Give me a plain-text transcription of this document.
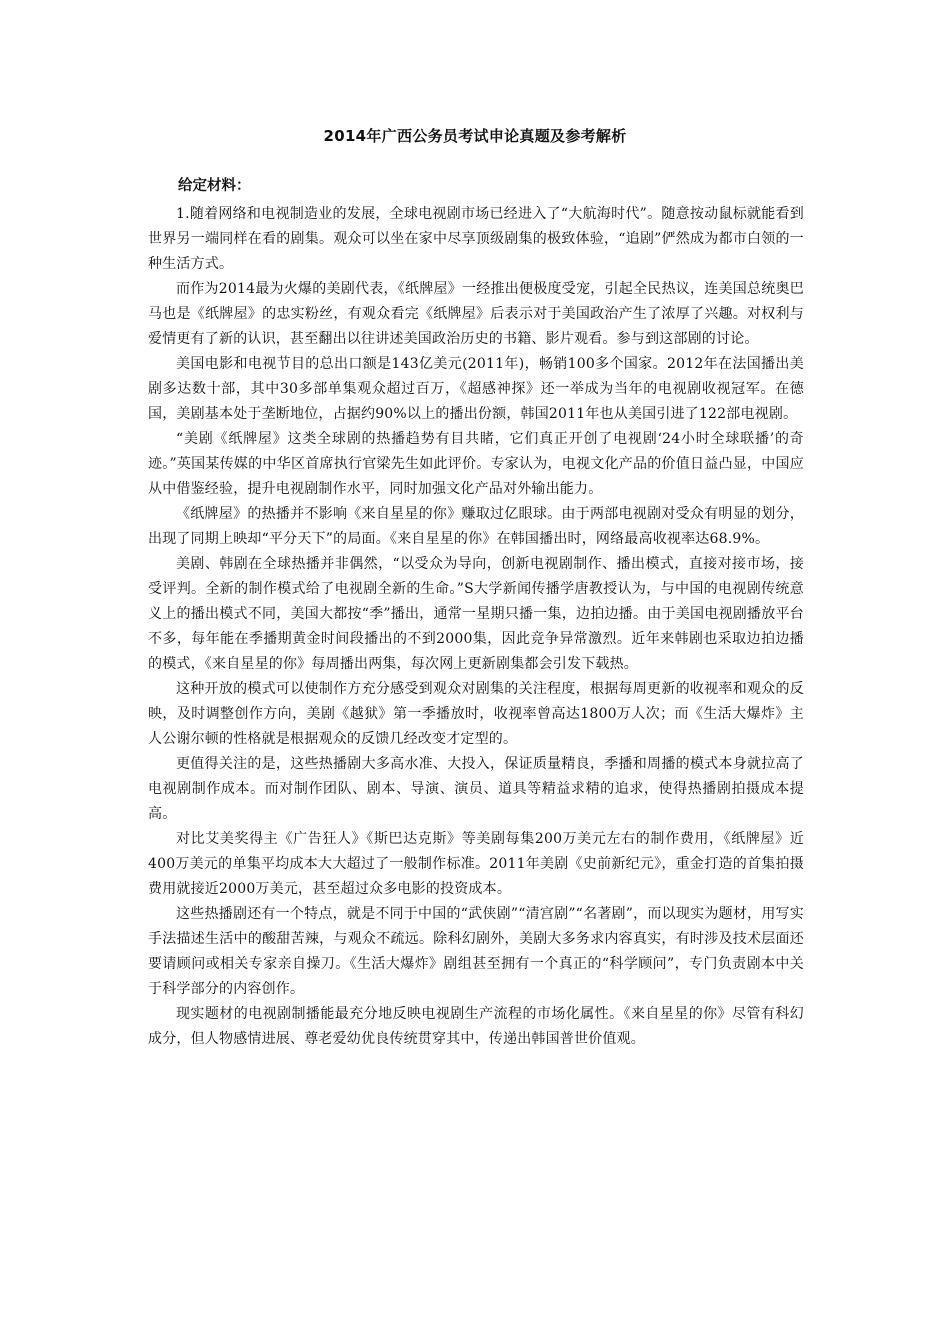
2014年广西公务员考试申论真题及参考解析
给定材料：

1.随着网络和电视制造业的发展，全球电视剧市场已经进入了“大航海时代”。随意按动鼠标就能看到世界另一端同样在看的剧集。观众可以坐在家中尽享顶级剧集的极致体验，“追剧”俨然成为都市白领的一种生活方式。

而作为2014最为火爆的美剧代表，《纸牌屋》一经推出便极度受宠，引起全民热议，连美国总统奥巴马也是《纸牌屋》的忠实粉丝，有观众看完《纸牌屋》后表示对于美国政治产生了浓厚了兴趣。对权利与爱情更有了新的认识，甚至翻出以往讲述美国政治历史的书籍、影片观看。参与到这部剧的讨论。

美国电影和电视节目的总出口额是143亿美元(2011年)，畅销100多个国家。2012年在法国播出美剧多达数十部，其中30多部单集观众超过百万，《超感神探》还一举成为当年的电视剧收视冠军。在德国，美剧基本处于垄断地位，占据约90%以上的播出份额，韩国2011年也从美国引进了122部电视剧。

“美剧《纸牌屋》这类全球剧的热播趋势有目共睹，它们真正开创了电视剧‘24小时全球联播’的奇迹。”英国某传媒的中华区首席执行官梁先生如此评价。专家认为，电视文化产品的价值日益凸显，中国应从中借鉴经验，提升电视剧制作水平，同时加强文化产品对外输出能力。

《纸牌屋》的热播并不影响《来自星星的你》赚取过亿眼球。由于两部电视剧对受众有明显的划分，出现了同期上映却“平分天下”的局面。《来自星星的你》在韩国播出时，网络最高收视率达68.9%。

美剧、韩剧在全球热播并非偶然，“以受众为导向，创新电视剧制作、播出模式，直接对接市场，接受评判。全新的制作模式给了电视剧全新的生命。”S大学新闻传播学唐教授认为，与中国的电视剧传统意义上的播出模式不同，美国大都按“季”播出，通常一星期只播一集，边拍边播。由于美国电视剧播放平台不多，每年能在季播期黄金时间段播出的不到2000集，因此竞争异常激烈。近年来韩剧也采取边拍边播的模式，《来自星星的你》每周播出两集，每次网上更新剧集都会引发下载热。

这种开放的模式可以使制作方充分感受到观众对剧集的关注程度，根据每周更新的收视率和观众的反映，及时调整创作方向，美剧《越狱》第一季播放时，收视率曾高达1800万人次；而《生活大爆炸》主人公谢尔顿的性格就是根据观众的反馈几经改变才定型的。

更值得关注的是，这些热播剧大多高水准、大投入，保证质量精良，季播和周播的模式本身就拉高了电视剧制作成本。而对制作团队、剧本、导演、演员、道具等精益求精的追求，使得热播剧拍摄成本提高。

对比艾美奖得主《广告狂人》《斯巴达克斯》等美剧每集200万美元左右的制作费用，《纸牌屋》近400万美元的单集平均成本大大超过了一般制作标准。2011年美剧《史前新纪元》，重金打造的首集拍摄费用就接近2000万美元，甚至超过众多电影的投资成本。

这些热播剧还有一个特点，就是不同于中国的“武侠剧”“清宫剧”“名著剧”，而以现实为题材，用写实手法描述生活中的酸甜苦辣，与观众不疏远。除科幻剧外，美剧大多务求内容真实，有时涉及技术层面还要请顾问或相关专家亲自操刀。《生活大爆炸》剧组甚至拥有一个真正的“科学顾问”，专门负责剧本中关于科学部分的内容创作。

现实题材的电视剧制播能最充分地反映电视剧生产流程的市场化属性。《来自星星的你》尽管有科幻成分，但人物感情进展、尊老爱幼优良传统贯穿其中，传递出韩国普世价值观。
